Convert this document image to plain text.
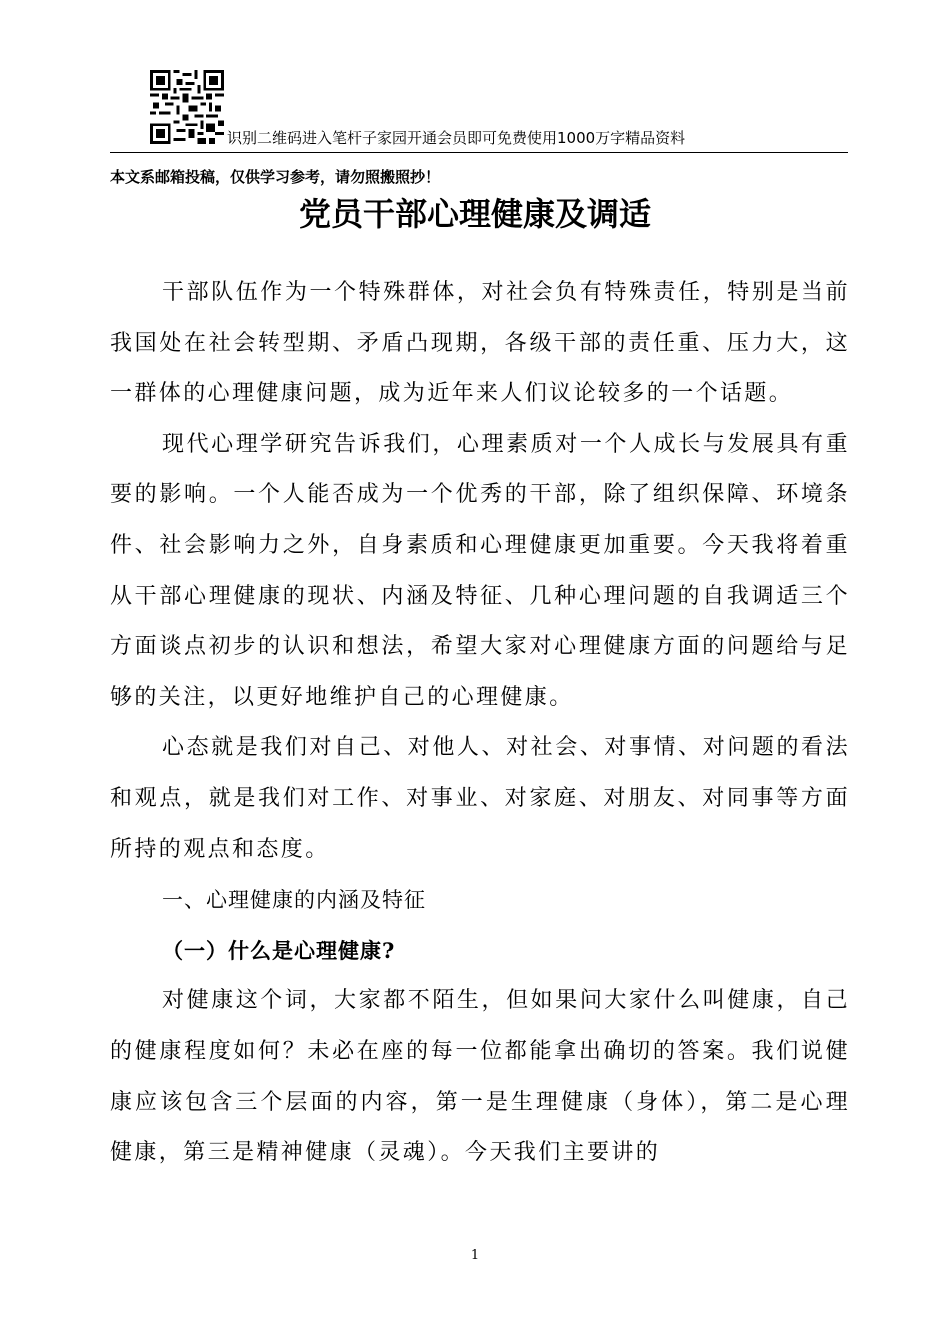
识别二维码进入笔杆子家园开通会员即可免费使用1000万字精品资料
本文系邮箱投稿，仅供学习参考，请勿照搬照抄！
党员干部心理健康及调适

干部队伍作为一个特殊群体，对社会负有特殊责任，特别是当前我国处在社会转型期、矛盾凸现期，各级干部的责任重、压力大，这一群体的心理健康问题，成为近年来人们议论较多的一个话题。

现代心理学研究告诉我们，心理素质对一个人成长与发展具有重要的影响。一个人能否成为一个优秀的干部，除了组织保障、环境条件、社会影响力之外，自身素质和心理健康更加重要。今天我将着重从干部心理健康的现状、内涵及特征、几种心理问题的自我调适三个方面谈点初步的认识和想法，希望大家对心理健康方面的问题给与足够的关注，以更好地维护自己的心理健康。

心态就是我们对自己、对他人、对社会、对事情、对问题的看法和观点，就是我们对工作、对事业、对家庭、对朋友、对同事等方面所持的观点和态度。

一、心理健康的内涵及特征

（一）什么是心理健康?

对健康这个词，大家都不陌生，但如果问大家什么叫健康，自己的健康程度如何？未必在座的每一位都能拿出确切的答案。我们说健康应该包含三个层面的内容，第一是生理健康（身体），第二是心理健康，第三是精神健康（灵魂）。今天我们主要讲的

1
